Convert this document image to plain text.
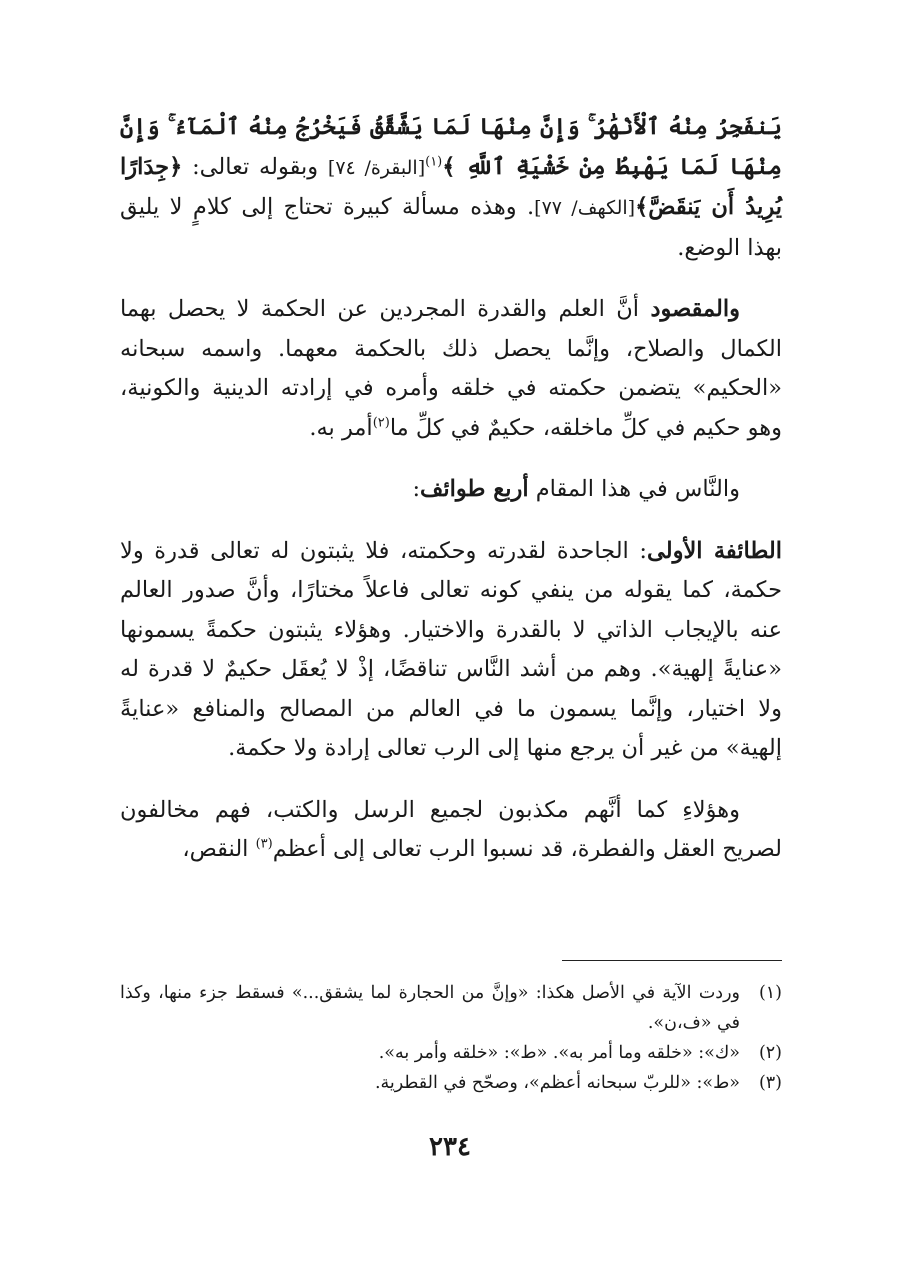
يَنفَجِرُ مِنْهُ ٱلْأَنْهَٰرُ ۚ وَإِنَّ مِنْهَا لَمَا يَشَّقَّقُ فَيَخْرُجُ مِنْهُ ٱلْمَآءُ ۚ وَإِنَّ مِنْهَا لَمَا يَهْبِطُ مِنْ خَشْيَةِ ٱللَّهِ ﴾$^{(١)}$[البقرة/ ٧٤] وبقوله تعالى: ﴿جِدَارًا يُرِيدُ أَن يَنقَضَّ﴾[الكهف/ ٧٧]. وهذه مسألة كبيرة تحتاج إلى كلامٍ لا يليق بهذا الوضع.

والمقصود أنَّ العلم والقدرة المجردين عن الحكمة لا يحصل بهما الكمال والصلاح، وإنَّما يحصل ذلك بالحكمة معهما. واسمه سبحانه «الحكيم» يتضمن حكمته في خلقه وأمره في إرادته الدينية والكونية، وهو حكيم في كلِّ ماخلقه، حكيمٌ في كلِّ ما$^{(٢)}$أمر به.

والنَّاس في هذا المقام أربع طوائف:

الطائفة الأولى: الجاحدة لقدرته وحكمته، فلا يثبتون له تعالى قدرة ولا حكمة، كما يقوله من ينفي كونه تعالى فاعلاً مختارًا، وأنَّ صدور العالم عنه بالإيجاب الذاتي لا بالقدرة والاختيار. وهؤلاء يثبتون حكمةً يسمونها «عنايةً إلهية». وهم من أشد النَّاس تناقضًا، إذْ لا يُعقَل حكيمٌ لا قدرة له ولا اختيار، وإنَّما يسمون ما في العالم من المصالح والمنافع «عنايةً إلهية» من غير أن يرجع منها إلى الرب تعالى إرادة ولا حكمة.

وهؤلاءِ كما أنَّهم مكذبون لجميع الرسل والكتب، فهم مخالفون لصريح العقل والفطرة، قد نسبوا الرب تعالى إلى أعظم$^{(٣)}$ النقص،

(١)
وردت الآية في الأصل هكذا: «وإنَّ من الحجارة لما يشقق...» فسقط جزء منها، وكذا في «ف،ن».
(٢)
«ك»: «خلقه وما أمر به». «ط»: «خلقه وأمر به».
(٣)
«ط»: «للربّ سبحانه أعظم»، وصحّح في القطرية.
٢٣٤
